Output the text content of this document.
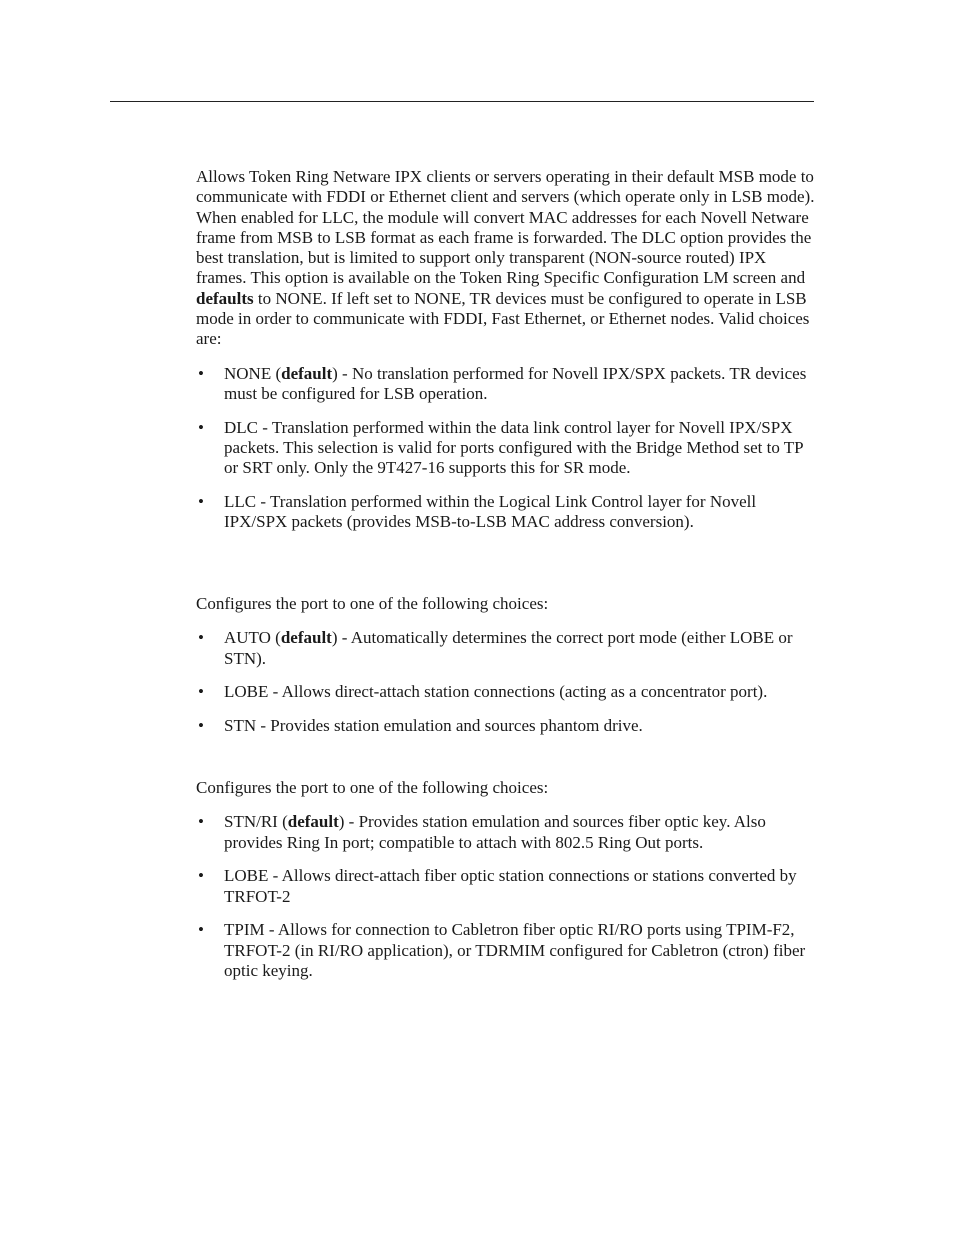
Allows Token Ring Netware IPX clients or servers operating in their default MSB mode to communicate with FDDI or Ethernet client and servers (which operate only in LSB mode). When enabled for LLC, the module will convert MAC addresses for each Novell Netware frame from MSB to LSB format as each frame is forwarded. The DLC option provides the best translation, but is limited to support only transparent (NON-source routed) IPX frames. This option is available on the Token Ring Specific Configuration LM screen and defaults to NONE. If left set to NONE, TR devices must be configured to operate in LSB mode in order to communicate with FDDI, Fast Ethernet, or Ethernet nodes. Valid choices are:

• NONE (default) - No translation performed for Novell IPX/SPX packets. TR devices must be configured for LSB operation.
• DLC - Translation performed within the data link control layer for Novell IPX/SPX packets. This selection is valid for ports configured with the Bridge Method set to TP or SRT only. Only the 9T427-16 supports this for SR mode.
• LLC - Translation performed within the Logical Link Control layer for Novell IPX/SPX packets (provides MSB-to-LSB MAC address conversion).

Configures the port to one of the following choices:

• AUTO (default) - Automatically determines the correct port mode (either LOBE or STN).
• LOBE - Allows direct-attach station connections (acting as a concentrator port).
• STN - Provides station emulation and sources phantom drive.

Configures the port to one of the following choices:

• STN/RI (default) - Provides station emulation and sources fiber optic key. Also provides Ring In port; compatible to attach with 802.5 Ring Out ports.
• LOBE - Allows direct-attach fiber optic station connections or stations converted by TRFOT-2
• TPIM - Allows for connection to Cabletron fiber optic RI/RO ports using TPIM-F2, TRFOT-2 (in RI/RO application), or TDRMIM configured for Cabletron (ctron) fiber optic keying.
